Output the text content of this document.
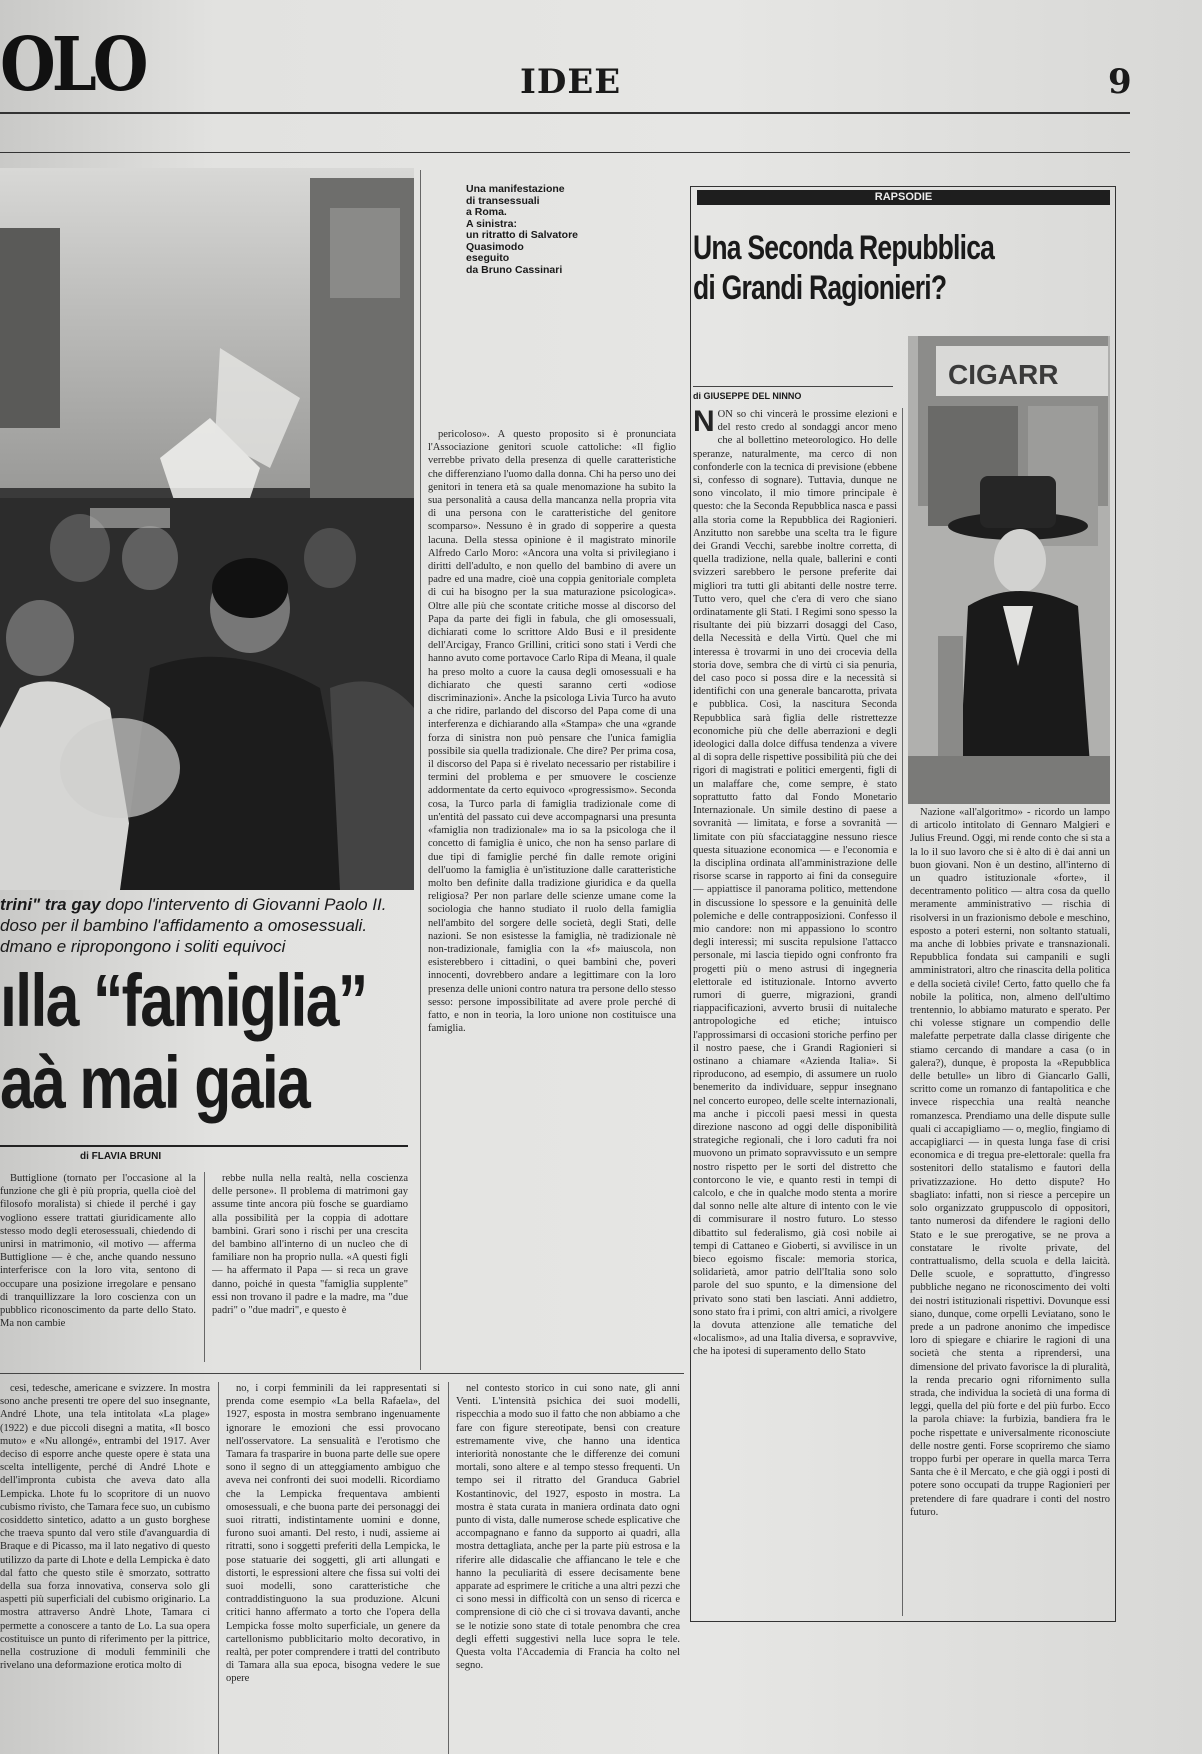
OLO	IDEE	9
Una manifestazione
di transessuali
a Roma.
A sinistra:
un ritratto di Salvatore
Quasimodo
eseguito
da Bruno Cassinari
trini" tra gay dopo l'intervento di Giovanni Paolo II.
doso per il bambino l'affidamento a omosessuali.
dmano e ripropongono i soliti equivoci
ılla “famiglia”
aà mai gaia
di FLAVIA BRUNI

Buttiglione (tornato per l'occasione al la funzione che gli è più propria, quella cioè del filosofo moralista) si chiede il perché i gay vogliono essere trattati giuridicamente allo stesso modo degli eterosessuali, chiedendo di unirsi in matrimonio, «il motivo — afferma Buttiglione — è che, anche quando nessuno interferisce con la loro vita, sentono di occupare una posizione irregolare e pensano di tranquillizzare la loro coscienza con un pubblico riconoscimento da parte dello Stato. Ma non cambie

rebbe nulla nella realtà, nella coscienza delle persone». Il problema di matrimoni gay assume tinte ancora più fosche se guardiamo alla possibilità per la coppia di adottare bambini. Grari sono i rischi per una crescita del bambino all'interno di un nucleo che di familiare non ha proprio nulla. «A questi figli — ha affermato il Papa — si reca un grave danno, poiché in questa "famiglia supplente" essi non trovano il padre e la madre, ma "due padri" o "due madri", e questo è

pericoloso». A questo proposito si è pronunciata l'Associazione genitori scuole cattoliche: «Il figlio verrebbe privato della presenza di quelle caratteristiche che differenziano l'uomo dalla donna. Chi ha perso uno dei genitori in tenera età sa quale menomazione ha subito la sua personalità a causa della mancanza nella propria vita di una persona con le caratteristiche del genitore scomparso». Nessuno è in grado di sopperire a questa lacuna. Della stessa opinione è il magistrato minorile Alfredo Carlo Moro: «Ancora una volta si privilegiano i diritti dell'adulto, e non quello del bambino di avere un padre ed una madre, cioè una coppia genitoriale completa di cui ha bisogno per la sua maturazione psicologica». Oltre alle più che scontate critiche mosse al discorso del Papa da parte dei figli in fabula, che gli omosessuali, dichiarati come lo scrittore Aldo Busi e il presidente dell'Arcigay, Franco Grillini, critici sono stati i Verdi che hanno avuto come portavoce Carlo Ripa di Meana, il quale ha preso molto a cuore la causa degli omosessuali e ha dichiarato che questi saranno certi «odiose discriminazioni». Anche la psicologa Livia Turco ha avuto a che ridire, parlando del discorso del Papa come di una interferenza e dichiarando alla «Stampa» che una «grande forza di sinistra non può pensare che l'unica famiglia possibile sia quella tradizionale. Che dire? Per prima cosa, il discorso del Papa si è rivelato necessario per ristabilire i termini del problema e per smuovere le coscienze addormentate da certo equivoco «progressismo». Seconda cosa, la Turco parla di famiglia tradizionale come di un'entità del passato cui deve accompagnarsi una presunta «famiglia non tradizionale» ma io sa la psicologa che il concetto di famiglia è unico, che non ha senso parlare di due tipi di famiglie perché fin dalle remote origini dell'uomo la famiglia è un'istituzione dalle caratteristiche molto ben definite dalla tradizione giuridica e da quella religiosa? Per non parlare delle scienze umane come la sociologia che hanno studiato il ruolo della famiglia nell'ambito del sorgere delle società, degli Stati, delle nazioni. Se non esistesse la famiglia, nè tradizionale nè non-tradizionale, famiglia con la «f» maiuscola, non esisterebbero i cittadini, o quei bambini che, poveri innocenti, dovrebbero andare a legittimare con la loro presenza delle unioni contro natura tra persone dello stesso sesso: persone impossibilitate ad avere prole perché di fatto, e non in teoria, la loro unione non costituisce una famiglia.

cesi, tedesche, americane e svizzere. In mostra sono anche presenti tre opere del suo insegnante, André Lhote, una tela intitolata «La plage» (1922) e due piccoli disegni a matita, «Il bosco muto» e «Nu allongé», entrambi del 1917. Aver deciso di esporre anche queste opere è stata una scelta intelligente, perché di André Lhote e dell'impronta cubista che aveva dato alla Lempicka. Lhote fu lo scopritore di un nuovo cubismo rivisto, che Tamara fece suo, un cubismo cosiddetto sintetico, adatto a un gusto borghese che traeva spunto dal vero stile d'avanguardia di Braque e di Picasso, ma il lato negativo di questo utilizzo da parte di Lhote e della Lempicka è dato dal fatto che questo stile è smorzato, sottratto della sua forza innovativa, conserva solo gli aspetti più superficiali del cubismo originario. La mostra attraverso Andrè Lhote, Tamara ci permette a conoscere a tanto de Lo. La sua opera costituisce un punto di riferimento per la pittrice, nella costruzione di moduli femminili che rivelano una deformazione erotica molto di

no, i corpi femminili da lei rappresentati si prenda come esempio «La bella Rafaela», del 1927, esposta in mostra sembrano ingenuamente ignorare le emozioni che essi provocano nell'osservatore. La sensualità e l'erotismo che Tamara fa trasparire in buona parte delle sue opere sono il segno di un atteggiamento ambiguo che aveva nei confronti dei suoi modelli. Ricordiamo che la Lempicka frequentava ambienti omosessuali, e che buona parte dei personaggi dei suoi ritratti, indistintamente uomini e donne, furono suoi amanti. Del resto, i nudi, assieme ai ritratti, sono i soggetti preferiti della Lempicka, le pose statuarie dei soggetti, gli arti allungati e distorti, le espressioni altere che fissa sui volti dei suoi modelli, sono caratteristiche che contraddistinguono la sua produzione. Alcuni critici hanno affermato a torto che l'opera della Lempicka fosse molto superficiale, un genere da cartellonismo pubblicitario molto decorativo, in realtà, per poter comprendere i tratti del contributo di Tamara alla sua epoca, bisogna vedere le sue opere

nel contesto storico in cui sono nate, gli anni Venti. L'intensità psichica dei suoi modelli, rispecchia a modo suo il fatto che non abbiamo a che fare con figure stereotipate, bensì con creature estremamente vive, che hanno una identica interiorità nonostante che le differenze dei comuni mortali, sono altere e al tempo stesso frequenti. Un tempo sei il ritratto del Granduca Gabriel Kostantinovic, del 1927, esposto in mostra. La mostra è stata curata in maniera ordinata dato ogni punto di vista, dalle numerose schede esplicative che accompagnano e fanno da supporto ai quadri, alla mostra dettagliata, anche per la parte più estrosa e la riferire alle didascalie che affiancano le tele e che hanno la peculiarità di essere decisamente bene apparate ad esprimere le critiche a una altri pezzi che ci sono messi in difficoltà con un senso di ricerca e comprensione di ciò che ci si trovava davanti, anche se le notizie sono state di totale penombra che crea degli effetti suggestivi nella luce sopra le tele. Questa volta l'Accademia di Francia ha colto nel segno.

RAPSODIE
Una Seconda Repubblica
di Grandi Ragionieri?
di GIUSEPPE DEL NINNO
CIGARR
NON so chi vincerà le prossime elezioni e del resto credo al sondaggi ancor meno che al bollettino meteorologico. Ho delle speranze, naturalmente, ma cerco di non confonderle con la tecnica di previsione (ebbene sì, confesso di sognare). Tuttavia, dunque ne sono vincolato, il mio timore principale è questo: che la Seconda Repubblica nasca e passi alla storia come la Repubblica dei Ragionieri. Anzitutto non sarebbe una scelta tra le figure dei Grandi Vecchi, sarebbe inoltre corretta, di quella tradizione, nella quale, ballerini e conti svizzeri sarebbero le persone preferite dai migliori tra tutti gli abitanti delle nostre terre. Tutto vero, quel che c'era di vero che siano ordinatamente gli Stati. I Regimi sono spesso la risultante dei più bizzarri dosaggi del Caso, della Necessità e della Virtù. Quel che mi interessa è trovarmi in uno dei crocevia della storia dove, sembra che di virtù ci sia penuria, del caso poco si possa dire e la necessità si identifichi con una generale bancarotta, privata e pubblica. Così, la nascitura Seconda Repubblica sarà figlia delle ristrettezze economiche più che delle aberrazioni e degli ideologici dalla dolce diffusa tendenza a vivere al di sopra delle rispettive possibilità più che dei rigori di magistrati e politici emergenti, figli di un malaffare che, come sempre, è stato soprattutto fatto dal Fondo Monetario Internazionale. Un simile destino di paese a sovranità — limitata, e forse a sovranità — limitate con più sfacciataggine nessuno riesce questa situazione economica — e l'economia e la disciplina ordinata all'amministrazione delle risorse scarse in rapporto ai fini da conseguire — appiattisce il panorama politico, mettendone in discussione lo spessore e la genuinità delle polemiche e delle contrapposizioni. Confesso il mio candore: non mi appassiono lo scontro degli interessi; mi suscita repulsione l'attacco personale, mi lascia tiepido ogni confronto fra progetti più o meno astrusi di ingegneria elettorale ed istituzionale. Intorno avverto rumori di guerre, migrazioni, grandi riappacificazioni, avverto brusii di nuitaleche antropologiche ed etiche; intuisco l'approssimarsi di occasioni storiche perfino per il nostro paese, che i Grandi Ragionieri si ostinano a chiamare «Azienda Italia». Si riproducono, ad esempio, di assumere un ruolo benemerito da individuare, seppur insegnano nel concerto europeo, delle scelte internazionali, ma anche i piccoli paesi messi in questa direzione nascono ad oggi delle disponibilità strategiche regionali, che i loro caduti fra noi muovono un primato sopravvissuto e un sempre nostro rispetto per le sorti del distretto che contorcono le vie, e quanto resti in tempi di calcolo, e che in qualche modo stenta a morire dal sonno nelle alte alture di intento con le vie di commisurare il nostro futuro. Lo stesso dibattito sul federalismo, già così nobile ai tempi di Cattaneo e Gioberti, si avvilisce in un bieco egoismo fiscale: memoria storica, solidarietà, amor patrio dell'Italia sono solo parole del suo spunto, e la dimensione del privato sono stati ben lasciati. Anni addietro, sono stato fra i primi, con altri amici, a rivolgere la dovuta attenzione alle tematiche del «localismo», ad una Italia diversa, e sopravvive, che ha ipotesi di superamento dello Stato

Nazione «all'algoritmo» - ricordo un lampo di articolo intitolato di Gennaro Malgieri e Julius Freund. Oggi, mi rende conto che si sta a la lo il suo lavoro che si è alto di è dai anni un buon giovani. Non è un destino, all'interno di un quadro istituzionale «forte», il decentramento politico — altra cosa da quello meramente amministrativo — rischia di risolversi in un frazionismo debole e meschino, esposto a poteri esterni, non soltanto statuali, ma anche di lobbies private e transnazionali. Repubblica fondata sui campanili e sugli amministratori, altro che rinascita della politica e della società civile! Certo, fatto quello che fa nobile la politica, non, almeno dell'ultimo trentennio, lo abbiamo maturato e sperato. Per chi volesse stignare un compendio delle malefatte perpetrate dalla classe dirigente che stiamo cercando di mandare a casa (o in galera?), dunque, è proposta la «Repubblica delle betulle» un libro di Giancarlo Galli, scritto come un romanzo di fantapolitica e che invece rispecchia una realtà neanche romanzesca. Prendiamo una delle dispute sulle quali ci accapigliamo — o, meglio, fingiamo di accapigliarci — in questa lunga fase di crisi economica e di tregua pre-elettorale: quella fra sostenitori dello statalismo e fautori della privatizzazione. Ho detto dispute? Ho sbagliato: infatti, non si riesce a percepire un solo organizzato gruppuscolo di oppositori, tanto numerosi da difendere le ragioni dello Stato e le sue prerogative, se ne prova a constatare le rivolte private, del contrattualismo, della scuola e della laicità. Delle scuole, e soprattutto, d'ingresso pubbliche negano ne riconoscimento dei volti dei nostri istituzionali rispettivi. Dovunque essi siano, dunque, come orpelli Leviatano, sono le prede a un padrone anonimo che impedisce loro di spiegare e chiarire le ragioni di una società che stenta a riprendersi, una dimensione del privato favorisce la di pluralità, la renda precario ogni rifornimento sulla strada, che individua la società di una forma di leggi, quella del più forte e del più furbo. Ecco la parola chiave: la furbizia, bandiera fra le poche rispettate e universalmente riconosciute delle nostre genti. Forse scopriremo che siamo troppo furbi per operare in quella marca Terra Santa che è il Mercato, e che già oggi i posti di potere sono occupati da truppe Ragionieri per pretendere di fare quadrare i conti del nostro futuro.
